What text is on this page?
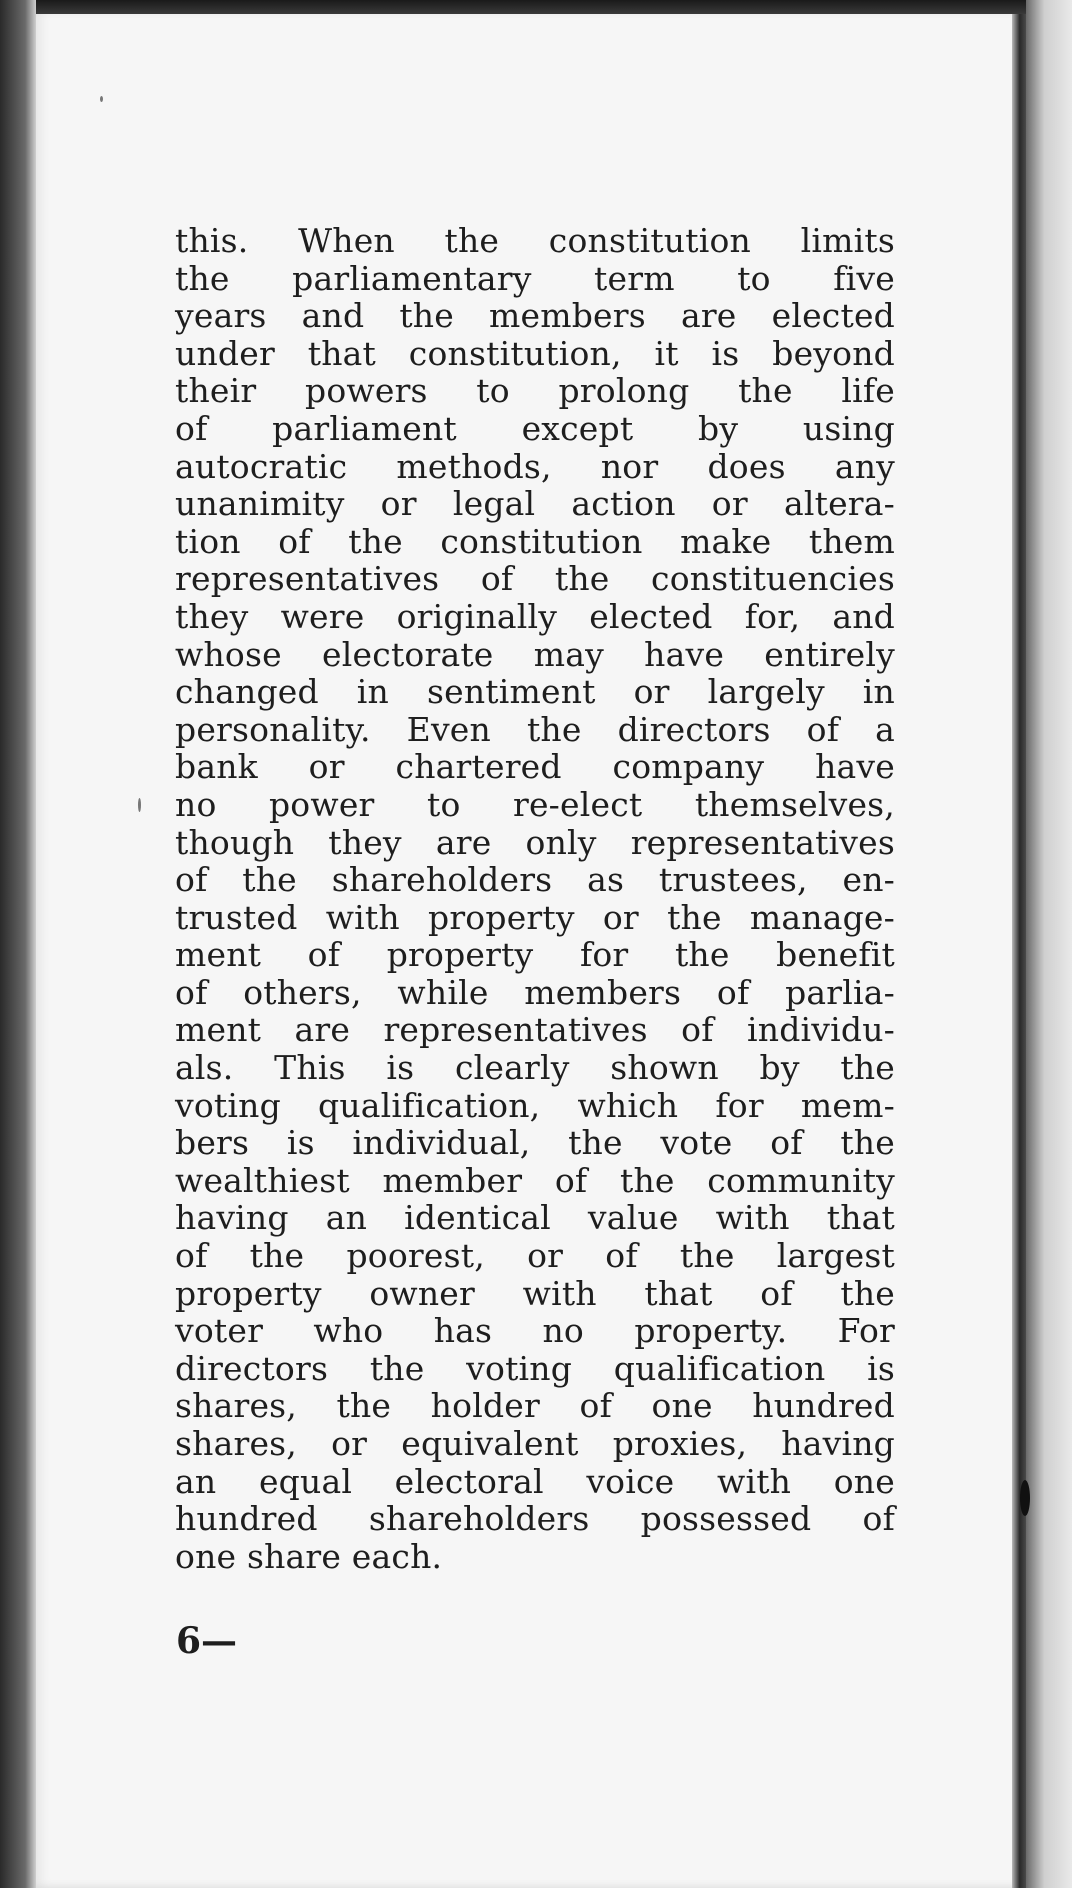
this. When the constitution limits
the parliamentary term to five
years and the members are elected
under that constitution, it is beyond
their powers to prolong the life
of parliament except by using
autocratic methods, nor does any
unanimity or legal action or altera-
tion of the constitution make them
representatives of the constituencies
they were originally elected for, and
whose electorate may have entirely
changed in sentiment or largely in
personality. Even the directors of a
bank or chartered company have
no power to re-elect themselves,
though they are only representatives
of the shareholders as trustees, en-
trusted with property or the manage-
ment of property for the benefit
of others, while members of parlia-
ment are representatives of individu-
als. This is clearly shown by the
voting qualification, which for mem-
bers is individual, the vote of the
wealthiest member of the community
having an identical value with that
of the poorest, or of the largest
property owner with that of the
voter who has no property. For
directors the voting qualification is
shares, the holder of one hundred
shares, or equivalent proxies, having
an equal electoral voice with one
hundred shareholders possessed of
one share each.
6—
